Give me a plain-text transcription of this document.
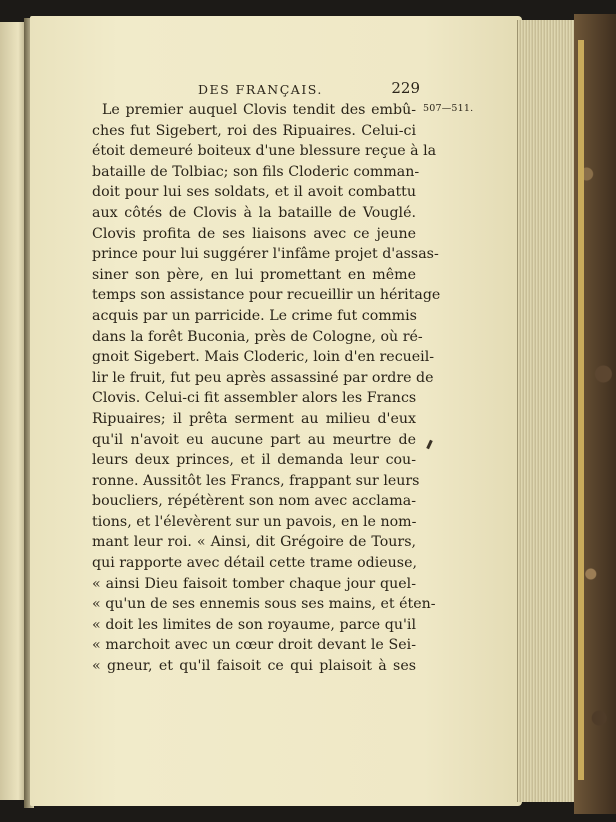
DES FRANÇAIS.	229
507—511.
Le premier auquel Clovis tendit des embû-
ches fut Sigebert, roi des Ripuaires. Celui-ci
étoit demeuré boiteux d'une blessure reçue à la
bataille de Tolbiac; son fils Cloderic comman-
doit pour lui ses soldats, et il avoit combattu
aux côtés de Clovis à la bataille de Vouglé.
Clovis profita de ses liaisons avec ce jeune
prince pour lui suggérer l'infâme projet d'assas-
siner son père, en lui promettant en même
temps son assistance pour recueillir un héritage
acquis par un parricide. Le crime fut commis
dans la forêt Buconia, près de Cologne, où ré-
gnoit Sigebert. Mais Cloderic, loin d'en recueil-
lir le fruit, fut peu après assassiné par ordre de
Clovis. Celui-ci fit assembler alors les Francs
Ripuaires; il prêta serment au milieu d'eux
qu'il n'avoit eu aucune part au meurtre de
leurs deux princes, et il demanda leur cou-
ronne. Aussitôt les Francs, frappant sur leurs
boucliers, répétèrent son nom avec acclama-
tions, et l'élevèrent sur un pavois, en le nom-
mant leur roi. « Ainsi, dit Grégoire de Tours,
qui rapporte avec détail cette trame odieuse,
« ainsi Dieu faisoit tomber chaque jour quel-
« qu'un de ses ennemis sous ses mains, et éten-
« doit les limites de son royaume, parce qu'il
« marchoit avec un cœur droit devant le Sei-
« gneur, et qu'il faisoit ce qui plaisoit à ses
